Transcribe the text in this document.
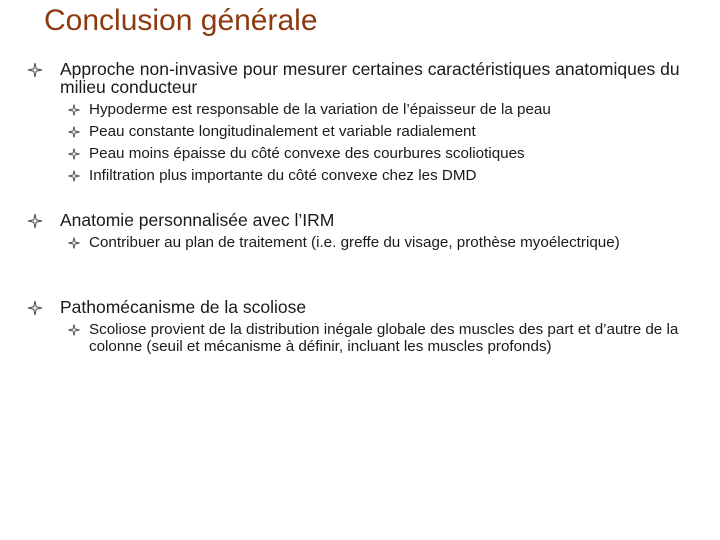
Conclusion générale
Approche non-invasive pour mesurer certaines caractéristiques anatomiques du milieu conducteur
Hypoderme est responsable de la variation de l’épaisseur de la peau
Peau constante longitudinalement et variable radialement
Peau moins épaisse du côté convexe des courbures scoliotiques
Infiltration plus importante du côté convexe chez les DMD
Anatomie personnalisée avec l’IRM
Contribuer au plan de traitement (i.e. greffe du visage, prothèse myoélectrique)
Pathomécanisme de la scoliose
Scoliose provient de la distribution inégale globale des muscles des part et d’autre de la colonne (seuil et mécanisme à définir, incluant les muscles profonds)
